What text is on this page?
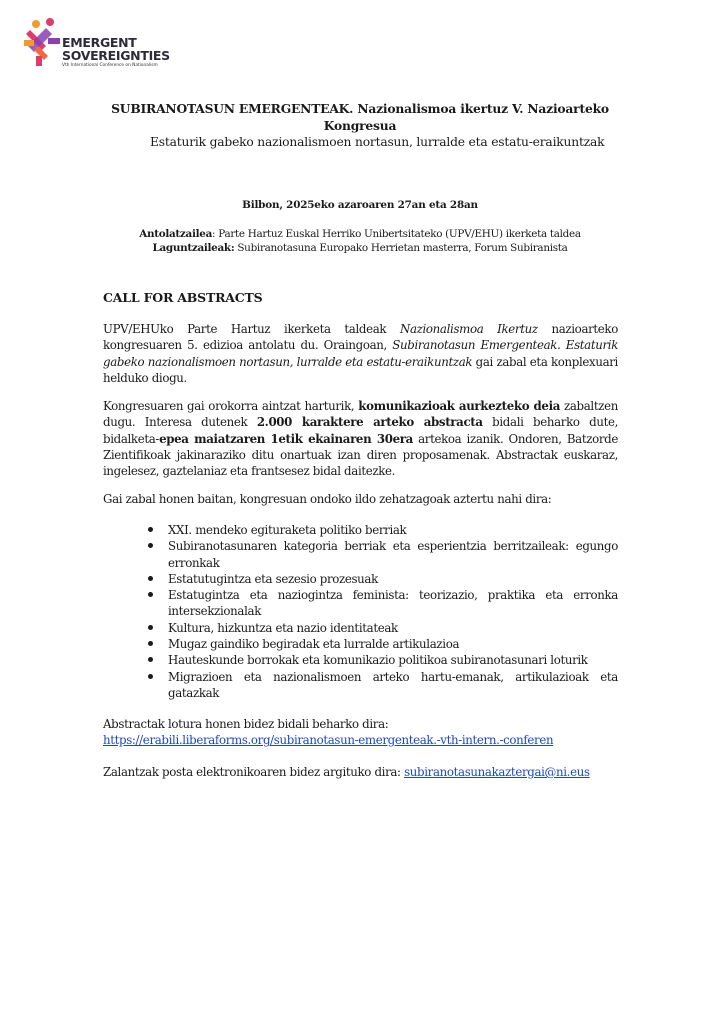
EMERGENT
SOVEREIGNTIES
Vth International Conference on Nationalism
SUBIRANOTASUN EMERGENTEAK. Nazionalismoa ikertuz V. Nazioarteko Kongresua
Estaturik gabeko nazionalismoen nortasun, lurralde eta estatu-eraikuntzak
Bilbon, 2025eko azaroaren 27an eta 28an
Antolatzailea: Parte Hartuz Euskal Herriko Unibertsitateko (UPV/EHU) ikerketa taldea
Laguntzaileak: Subiranotasuna Europako Herrietan masterra, Forum Subiranista
CALL FOR ABSTRACTS
UPV/EHUko Parte Hartuz ikerketa taldeak Nazionalismoa Ikertuz nazioarteko kongresuaren 5. edizioa antolatu du. Oraingoan, Subiranotasun Emergenteak. Estaturik gabeko nazionalismoen nortasun, lurralde eta estatu-eraikuntzak gai zabal eta konplexuari helduko diogu.
Kongresuaren gai orokorra aintzat harturik, komunikazioak aurkezteko deia zabaltzen dugu. Interesa dutenek 2.000 karaktere arteko abstracta bidali beharko dute, bidalketa-epea maiatzaren 1etik ekainaren 30era artekoa izanik. Ondoren, Batzorde Zientifikoak jakinaraziko ditu onartuak izan diren proposamenak. Abstractak euskaraz, ingelesez, gaztelaniaz eta frantsesez bidal daitezke.
Gai zabal honen baitan, kongresuan ondoko ildo zehatzagoak aztertu nahi dira:
XXI. mendeko egituraketa politiko berriak
Subiranotasunaren kategoria berriak eta esperientzia berritzaileak: egungo erronkak
Estatutugintza eta sezesio prozesuak
Estatugintza eta naziogintza feminista: teorizazio, praktika eta erronka intersekzionalak
Kultura, hizkuntza eta nazio identitateak
Mugaz gaindiko begiradak eta lurralde artikulazioa
Hauteskunde borrokak eta komunikazio politikoa subiranotasunari loturik
Migrazioen eta nazionalismoen arteko hartu-emanak, artikulazioak eta gatazkak
Abstractak lotura honen bidez bidali beharko dira:
https://erabili.liberaforms.org/subiranotasun-emergenteak.-vth-intern.-conferen
Zalantzak posta elektronikoaren bidez argituko dira: subiranotasunakaztergai@ni.eus
